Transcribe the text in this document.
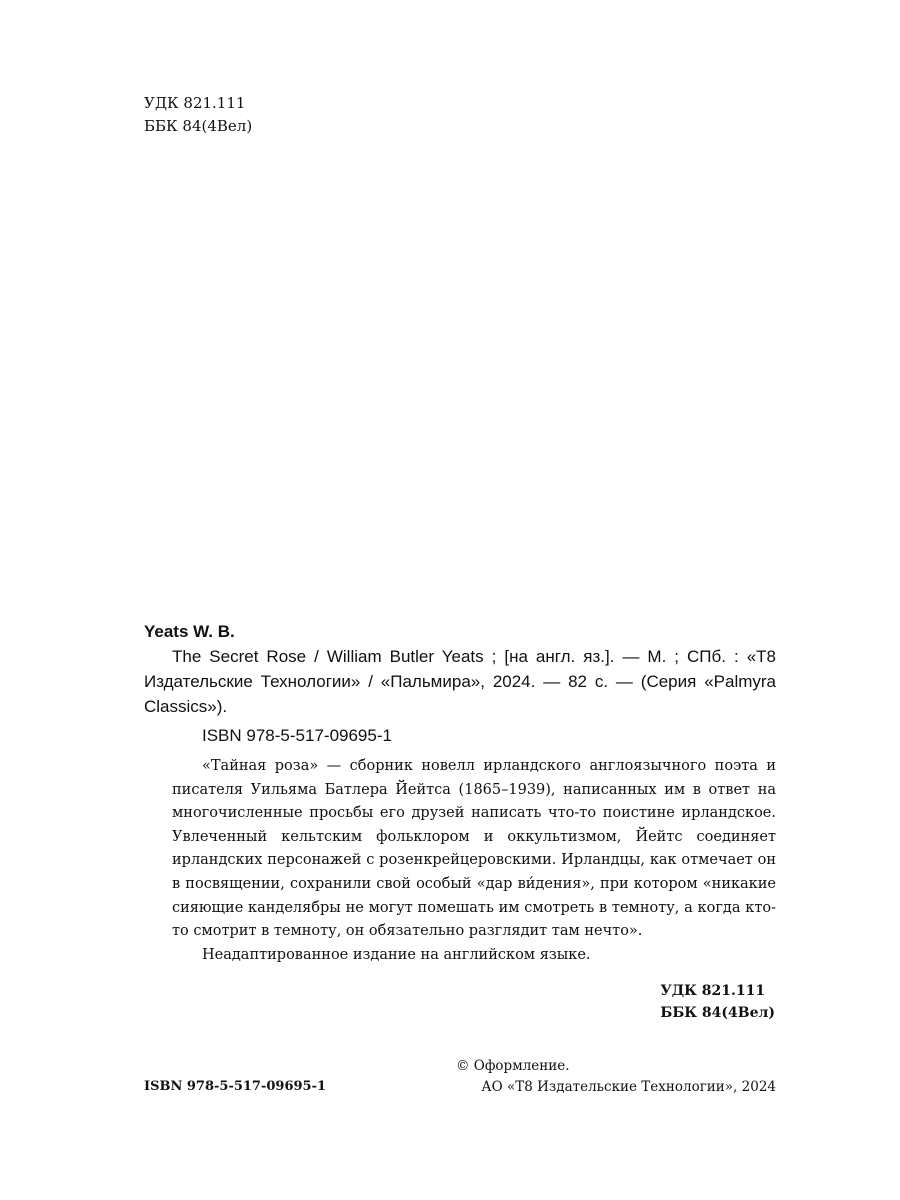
УДК 821.111
ББК 84(4Вел)

Yeats W. B.

The Secret Rose / William Butler Yeats ; [на англ. яз.]. — М. ; СПб. : «Т8 Издательские Технологии» / «Пальмира», 2024. — 82 с. — (Серия «Palmyra Classics»).

ISBN 978-5-517-09695-1

«Тайная роза» — сборник новелл ирландского англоязычного поэта и писателя Уильяма Батлера Йейтса (1865–1939), написанных им в ответ на многочисленные просьбы его друзей написать что-то поистине ирландское. Увлеченный кельтским фольклором и оккультизмом, Йейтс соединяет ирландских персонажей с розенкрейцеровскими. Ирландцы, как отмечает он в посвящении, сохранили свой особый «дар ви́дения», при котором «никакие сияющие канделябры не могут помешать им смотреть в темноту, а когда кто-то смотрит в темноту, он обязательно разглядит там нечто».

Неадаптированное издание на английском языке.

УДК 821.111
ББК 84(4Вел)
ISBN 978-5-517-09695-1
© Оформление.
АО «Т8 Издательские Технологии», 2024
